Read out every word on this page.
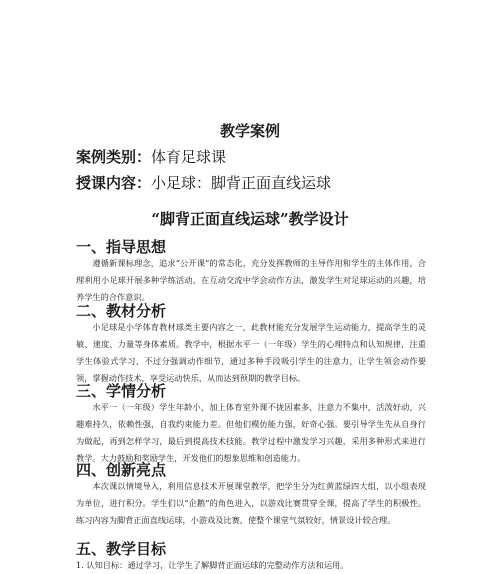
教学案例
案例类别：体育足球课
授课内容：小足球：脚背正面直线运球
“脚背正面直线运球”教学设计
一、指导思想
遵循新课标理念，追求“公开课”的常态化，充分发挥教师的主导作用和学生的主体作用，合理利用小足球开展多种学练活动，在互动交流中学会动作方法，激发学生对足球运动的兴趣，培养学生的合作意识。
二、教材分析
小足球是小学体育教材球类主要内容之一，此教材能充分发展学生运动能力，提高学生的灵敏、速度、力量等身体素质。教学中，根据水平一（一年级）学生的心理特点和认知规律，注重学生体验式学习，不过分强调动作细节，通过多种手段吸引学生的注意力，让学生领会动作要领，掌握动作技术，享受运动快乐，从而达到预期的教学目标。
三、学情分析
水平一（一年级）学生年龄小，加上体育室外课不拢因素多，注意力不集中，活泼好动，兴趣难持久，依赖性强，自我约束能力差。但他们模仿能力强，好奇心强。要引导学生先从自身行为做起，再到怎样学习，最后到提高技术技能。教学过程中激发学习兴趣，采用多种形式来进行教学。大力鼓励和奖励学生，开发他们的想象思维和创造能力。
四、创新亮点
本次课以情境导入，利用信息技术开展课堂教学，把学生分为红黄蓝绿四大组，以小组表现为单位，进行积分。学生们以“企鹅”的角色进入，以游戏比赛贯穿全课，提高了学生的积极性。练习内容为脚背正面直线运球，小游戏及比赛，使整个课堂气氛较好，情景设计较合理。
五、教学目标
1. 认知目标：通过学习，让学生了解脚背正面运球的完整动作方法和运用。
